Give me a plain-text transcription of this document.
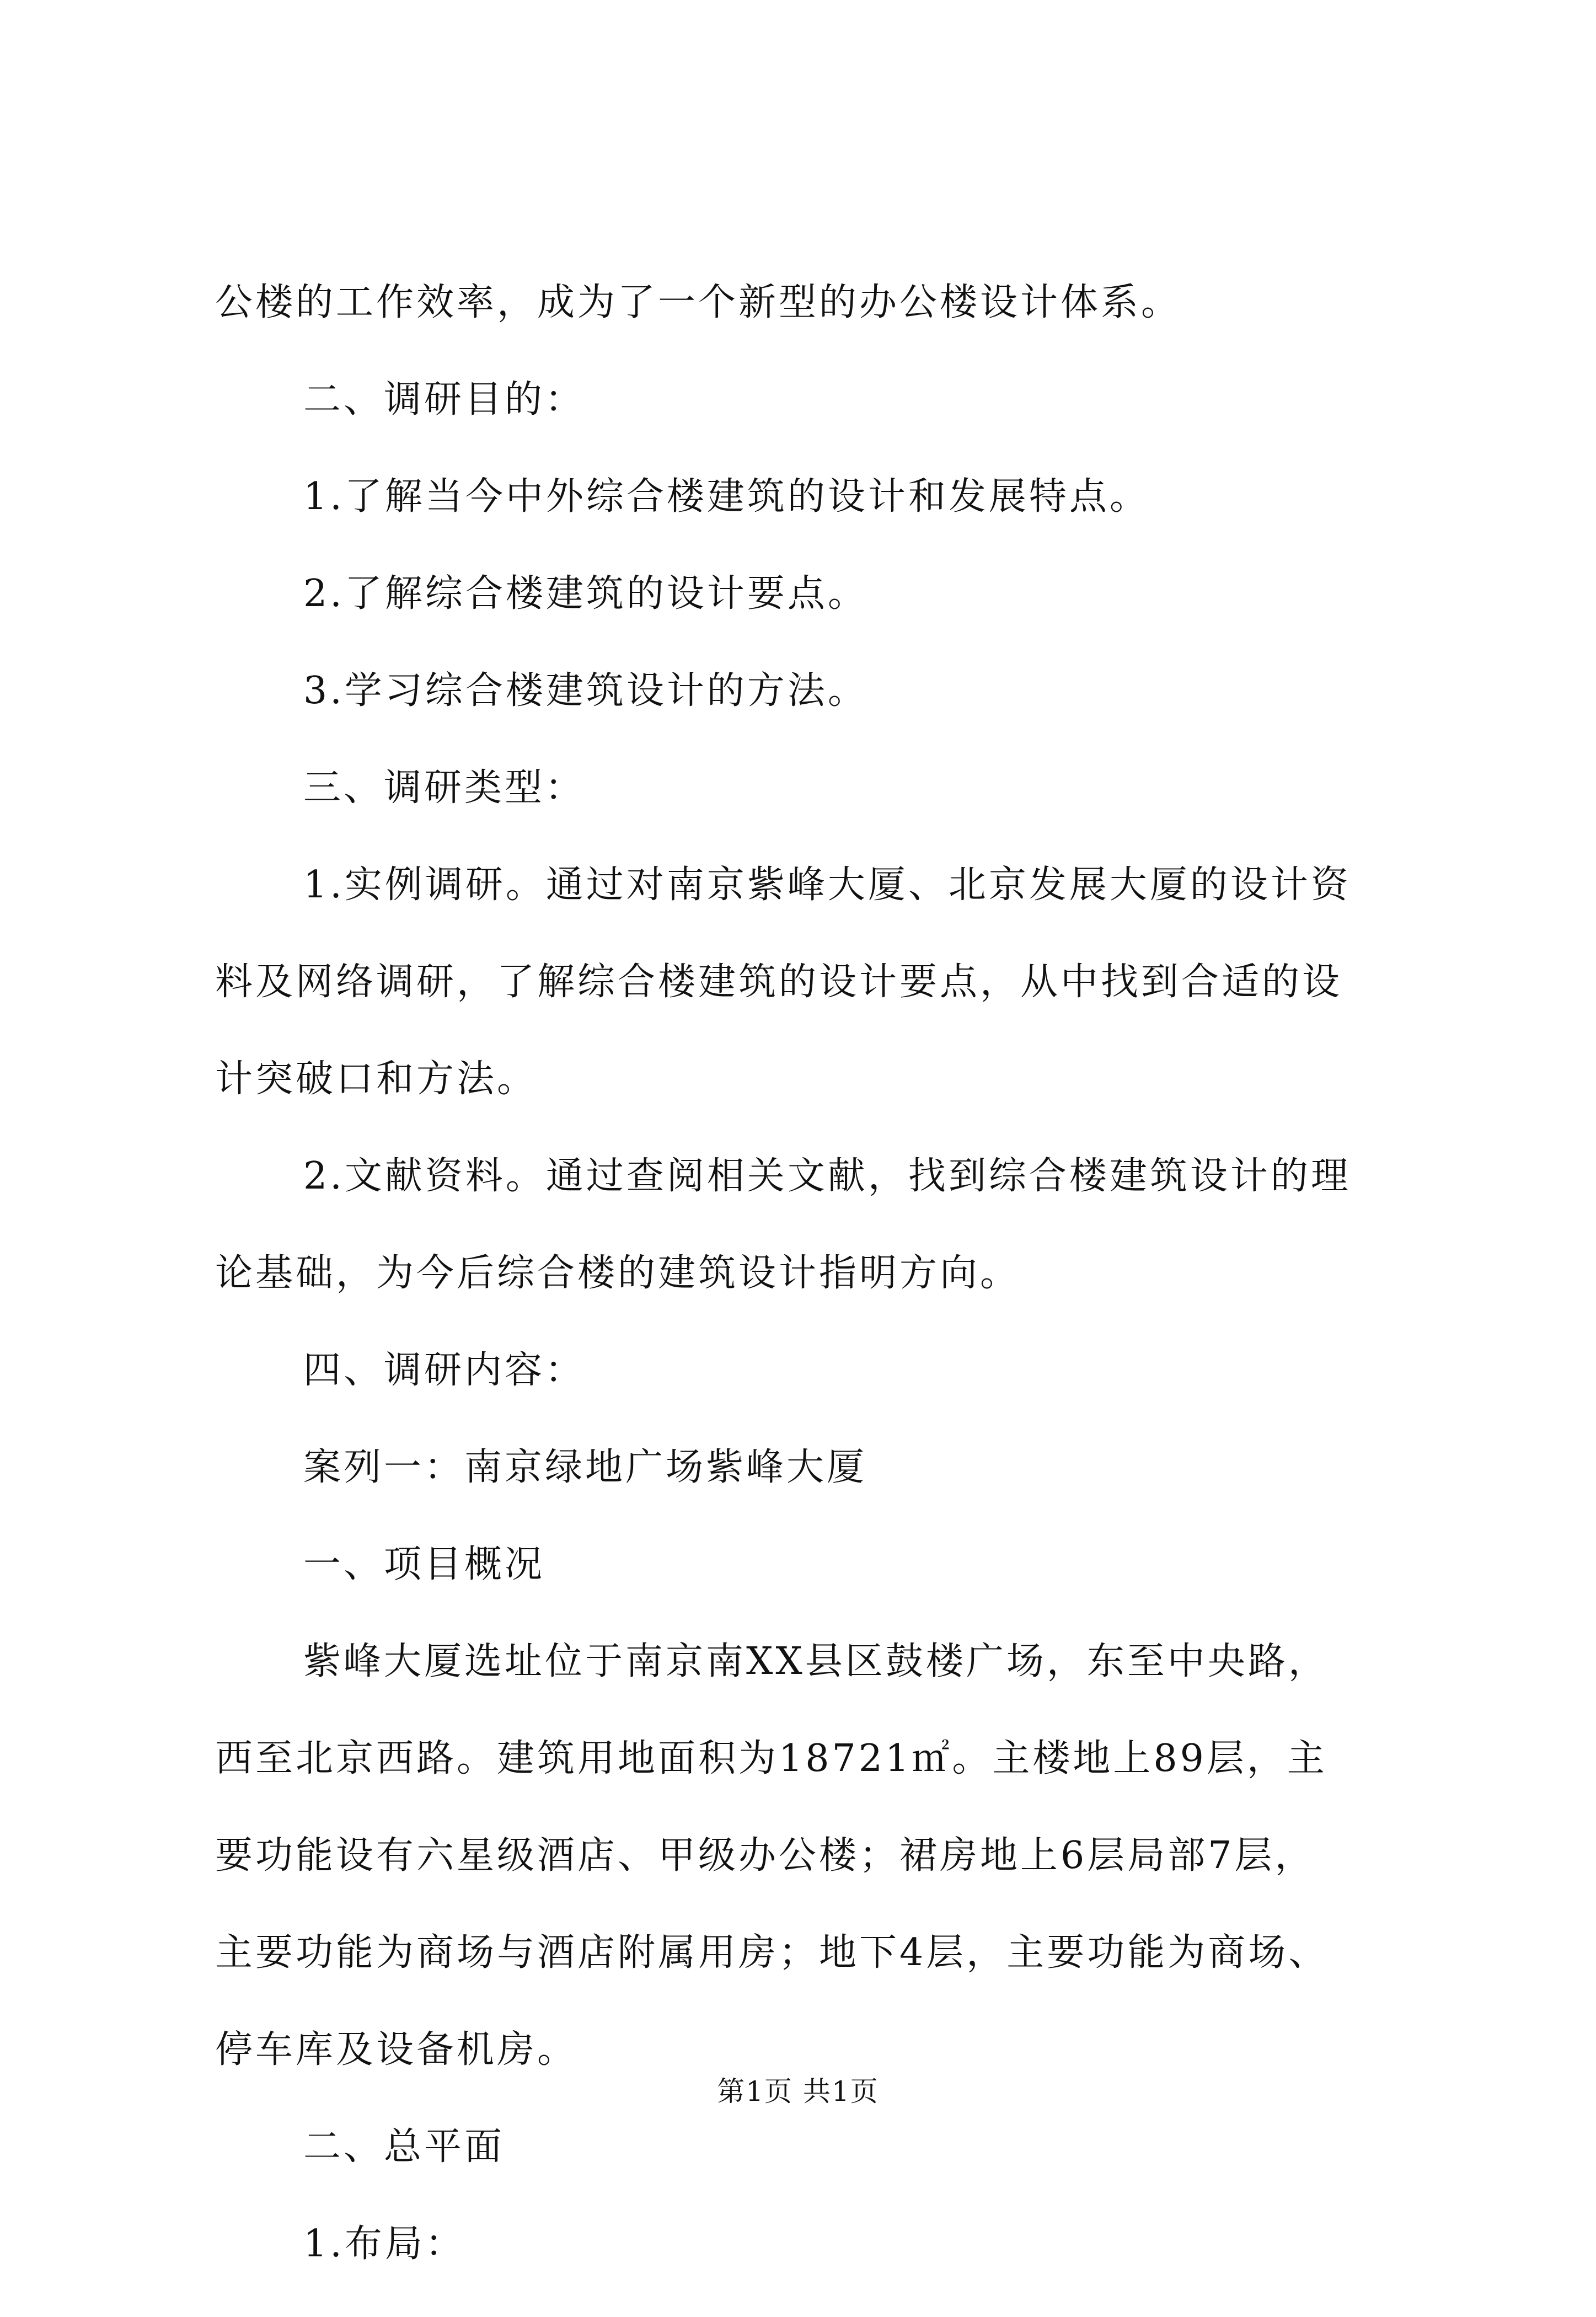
公楼的工作效率，成为了一个新型的办公楼设计体系。
二、调研目的：
1.了解当今中外综合楼建筑的设计和发展特点。
2.了解综合楼建筑的设计要点。
3.学习综合楼建筑设计的方法。
三、调研类型：
1.实例调研。通过对南京紫峰大厦、北京发展大厦的设计资
料及网络调研，了解综合楼建筑的设计要点，从中找到合适的设
计突破口和方法。
2.文献资料。通过查阅相关文献，找到综合楼建筑设计的理
论基础，为今后综合楼的建筑设计指明方向。
四、调研内容：
案列一：南京绿地广场紫峰大厦
一、项目概况
紫峰大厦选址位于南京南XX县区鼓楼广场，东至中央路，
西至北京西路。建筑用地面积为18721㎡。主楼地上89层，主
要功能设有六星级酒店、甲级办公楼；裙房地上6层局部7层，
主要功能为商场与酒店附属用房；地下4层，主要功能为商场、
停车库及设备机房。
二、总平面
1.布局：
第1页 共1页
